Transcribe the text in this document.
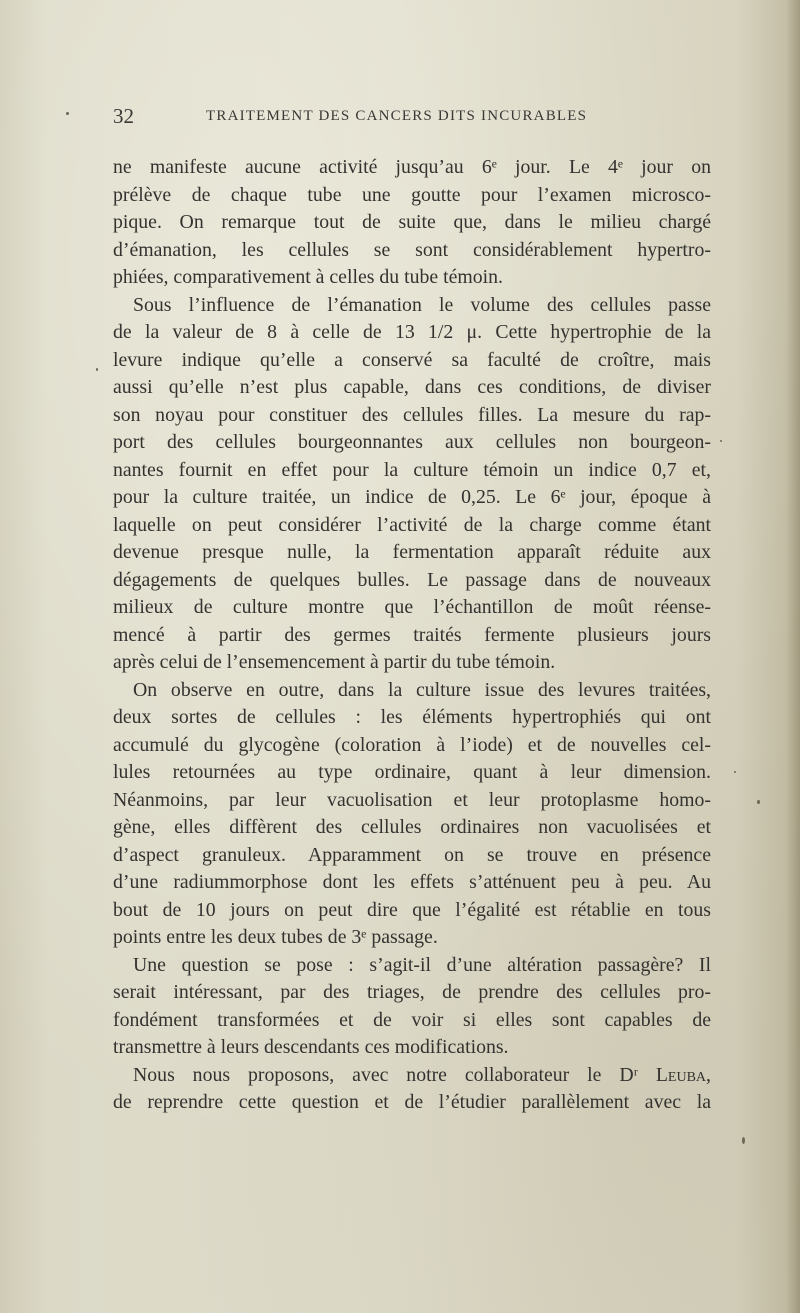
32	TRAITEMENT DES CANCERS DITS INCURABLES
ne manifeste aucune activité jusqu’au 6ᵉ jour. Le 4ᵉ jour on
prélève de chaque tube une goutte pour l’examen microsco-
pique. On remarque tout de suite que, dans le milieu chargé
d’émanation, les cellules se sont considérablement hypertro-
phiées, comparativement à celles du tube témoin.
Sous l’influence de l’émanation le volume des cellules passe
de la valeur de 8 à celle de 13 1/2 μ. Cette hypertrophie de la
levure indique qu’elle a conservé sa faculté de croître, mais
aussi qu’elle n’est plus capable, dans ces conditions, de diviser
son noyau pour constituer des cellules filles. La mesure du rap-
port des cellules bourgeonnantes aux cellules non bourgeon-
nantes fournit en effet pour la culture témoin un indice 0,7 et,
pour la culture traitée, un indice de 0,25. Le 6ᵉ jour, époque à
laquelle on peut considérer l’activité de la charge comme étant
devenue presque nulle, la fermentation apparaît réduite aux
dégagements de quelques bulles. Le passage dans de nouveaux
milieux de culture montre que l’échantillon de moût réense-
mencé à partir des germes traités fermente plusieurs jours
après celui de l’ensemencement à partir du tube témoin.
On observe en outre, dans la culture issue des levures traitées,
deux sortes de cellules : les éléments hypertrophiés qui ont
accumulé du glycogène (coloration à l’iode) et de nouvelles cel-
lules retournées au type ordinaire, quant à leur dimension.
Néanmoins, par leur vacuolisation et leur protoplasme homo-
gène, elles diffèrent des cellules ordinaires non vacuolisées et
d’aspect granuleux. Apparamment on se trouve en présence
d’une radiummorphose dont les effets s’atténuent peu à peu. Au
bout de 10 jours on peut dire que l’égalité est rétablie en tous
points entre les deux tubes de 3ᵉ passage.
Une question se pose : s’agit-il d’une altération passagère? Il
serait intéressant, par des triages, de prendre des cellules pro-
fondément transformées et de voir si elles sont capables de
transmettre à leurs descendants ces modifications.
Nous nous proposons, avec notre collaborateur le Dʳ Leuba,
de reprendre cette question et de l’étudier parallèlement avec la
